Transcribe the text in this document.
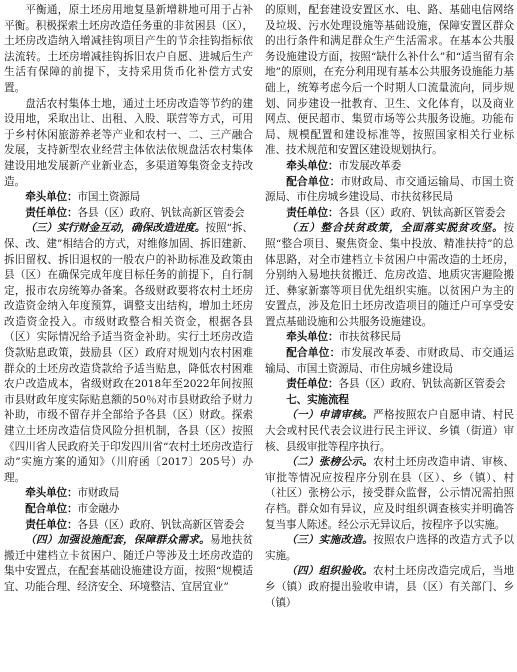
平衡通，原土坯房用地复垦新增耕地可用于占补平衡。积极探索土坯房改造任务重的非贫困县（区），土坯房改造纳入增减挂钩项目产生的节余挂钩指标依法流转。土坯房增减挂钩拆旧农户自愿、进城后生产生活有保障的前提下，支持采用货币化补偿方式安置。

盘活农村集体土地，通过土坯房改造等节约的建设用地，采取出让、出租、入股、联营等方式，可用于乡村休闲旅游养老等产业和农村一、二、三产融合发展，支持新型农业经营主体依法依规盘活农村集体建设用地发展新产业新业态，多渠道筹集资金支持改造。

牵头单位：市国土资源局

责任单位：各县（区）政府、钒钛高新区管委会

（三）实行财金互动，确保改造进度。按照“拆、保、改、建”相结合的方式，对维修加固、拆旧建新、拆旧留权、拆旧退权的一般农户的补助标准及政策由县（区）在确保完成年度目标任务的前提下，自行制定，报市农房统筹办备案。各级财政要将农村土坯房改造资金纳入年度预算，调整支出结构，增加土坯房改造资金投入。市级财政整合相关资金，根据各县（区）实际情况给予适当资金补助。实行土坯房改造贷款贴息政策，鼓励县（区）政府对规划内农村困难群众的土坯房改造贷款给予适当贴息，降低农村困难农户改造成本，省级财政在2018年至2022年间按照市县财政年度实际贴息额的50％对市县财政给予财力补助，市级不留存并全部给予各县（区）财政。探索建立土坯房改造信贷风险分担机制，各县（区）按照《四川省人民政府关于印发四川省“农村土坯房改造行动”实施方案的通知》（川府函〔2017〕205号）办理。

牵头单位：市财政局

配合单位：市金融办

责任单位：各县（区）政府、钒钛高新区管委会

（四）加强设施配套，保障群众需求。易地扶贫搬迁中建档立卡贫困户、随迁户等涉及土坯房改造的集中安置点，在配套基础设施建设方面，按照“规模适宜、功能合理、经济安全、环境整洁、宜居宜业”

的原则，配套建设安置区水、电、路、基础电信网络及垃圾、污水处理设施等基础设施，保障安置区群众的出行条件和满足群众生产生活需求。在基本公共服务设施建设方面，按照“缺什么补什么”和“适当留有余地”的原则，在充分利用现有基本公共服务设施能力基础上，统筹考虑今后一个时期人口流量流向，同步规划、同步建设一批教育、卫生、文化体育，以及商业网点、便民超市、集贸市场等公共服务设施。功能布局、规模配置和建设标准等，按照国家相关行业标准、技术规范和安置区建设规划执行。

牵头单位：市发展改革委

配合单位：市财政局、市交通运输局、市国土资源局、市住房城乡建设局、市扶贫移民局

责任单位：各县（区）政府、钒钛高新区管委会

（五）整合扶贫政策，全面落实脱贫攻坚。按照“整合项目、聚焦资金、集中投放、精准扶持”的总体思路，对全市建档立卡贫困户中需改造的土坯房，分别纳入易地扶贫搬迁、危房改造、地质灾害避险搬迁、彝家新寨等项目优先组织实施。以贫困户为主的安置点，涉及危旧土坯房改造项目的随迁户可享受安置点基础设施和公共服务设施建设。

牵头单位：市扶贫移民局

配合单位：市发展改革委、市财政局、市交通运输局、市国土资源局、市住房城乡建设局

责任单位：各县（区）政府、钒钛高新区管委会

七、实施流程

（一）申请审核。严格按照农户自愿申请、村民大会或村民代表会议进行民主评议、乡镇（街道）审核、县级审批等程序执行。

（二）张榜公示。农村土坯房改造申请、审核、审批等情况应按程序分别在县（区）、乡（镇）、村（社区）张榜公示，接受群众监督，公示情况需拍照存档。群众如有异议，应及时组织调查核实并明确答复当事人陈述。经公示无异议后，按程序予以实施。

（三）实施改造。按照农户选择的改造方式予以实施。

（四）组织验收。农村土坯房改造完成后，当地乡（镇）政府提出验收申请，县（区）有关部门、乡（镇）
